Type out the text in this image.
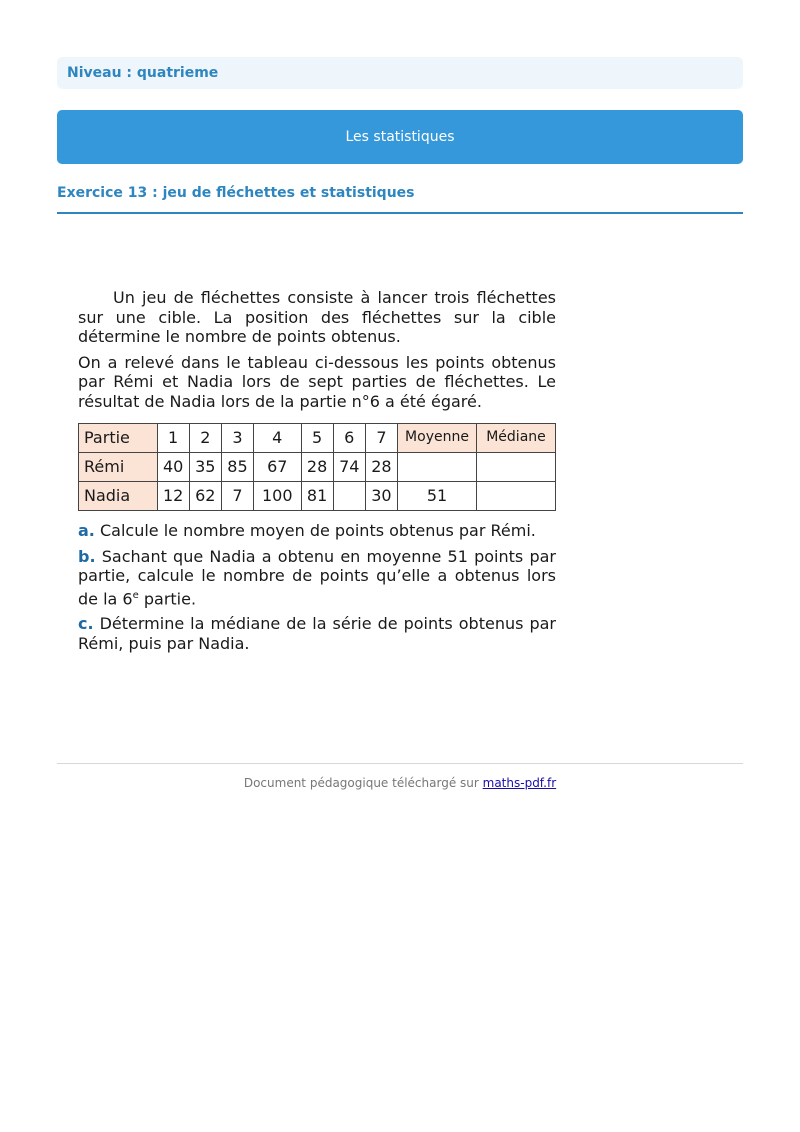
Niveau : quatrieme
Les statistiques
Exercice 13 : jeu de fléchettes et statistiques

Un jeu de fléchettes consiste à lancer trois fléchettes sur une cible. La position des fléchettes sur la cible détermine le nombre de points obtenus.

On a relevé dans le tableau ci-dessous les points obtenus par Rémi et Nadia lors de sept parties de fléchettes. Le résultat de Nadia lors de la partie n°6 a été égaré.

Partie	1	2	3	4	5	6	7	Moyenne	Médiane
Rémi	40	35	85	67	28	74	28		
Nadia	12	62	7	100	81		30	51	

a. Calcule le nombre moyen de points obtenus par Rémi.

b. Sachant que Nadia a obtenu en moyenne 51 points par partie, calcule le nombre de points qu’elle a obtenus lors de la 6e partie.

c. Détermine la médiane de la série de points obtenus par Rémi, puis par Nadia.

Document pédagogique téléchargé sur maths-pdf.fr
